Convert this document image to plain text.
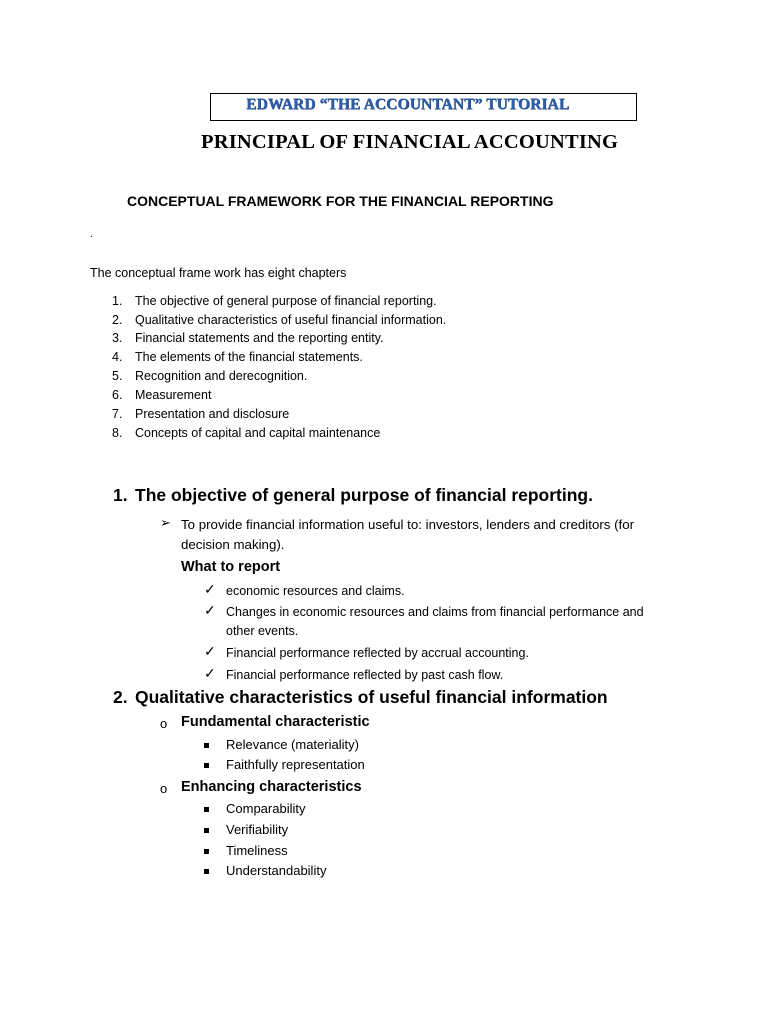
EDWARD “THE ACCOUNTANT” TUTORIAL
PRINCIPAL OF FINANCIAL ACCOUNTING
CONCEPTUAL FRAMEWORK FOR THE FINANCIAL REPORTING
.
The conceptual frame work has eight chapters
1. The objective of general purpose of financial reporting.
2. Qualitative characteristics of useful financial information.
3. Financial statements and the reporting entity.
4. The elements of the financial statements.
5. Recognition and derecognition.
6. Measurement
7. Presentation and disclosure
8. Concepts of capital and capital maintenance
1. The objective of general purpose of financial reporting.
➢ To provide financial information useful to: investors, lenders and creditors (for decision making).
What to report
✓ economic resources and claims.
✓ Changes in economic resources and claims from financial performance and other events.
✓ Financial performance reflected by accrual accounting.
✓ Financial performance reflected by past cash flow.
2. Qualitative characteristics of useful financial information
o Fundamental characteristic
Relevance (materiality)
Faithfully representation
o Enhancing characteristics
Comparability
Verifiability
Timeliness
Understandability
